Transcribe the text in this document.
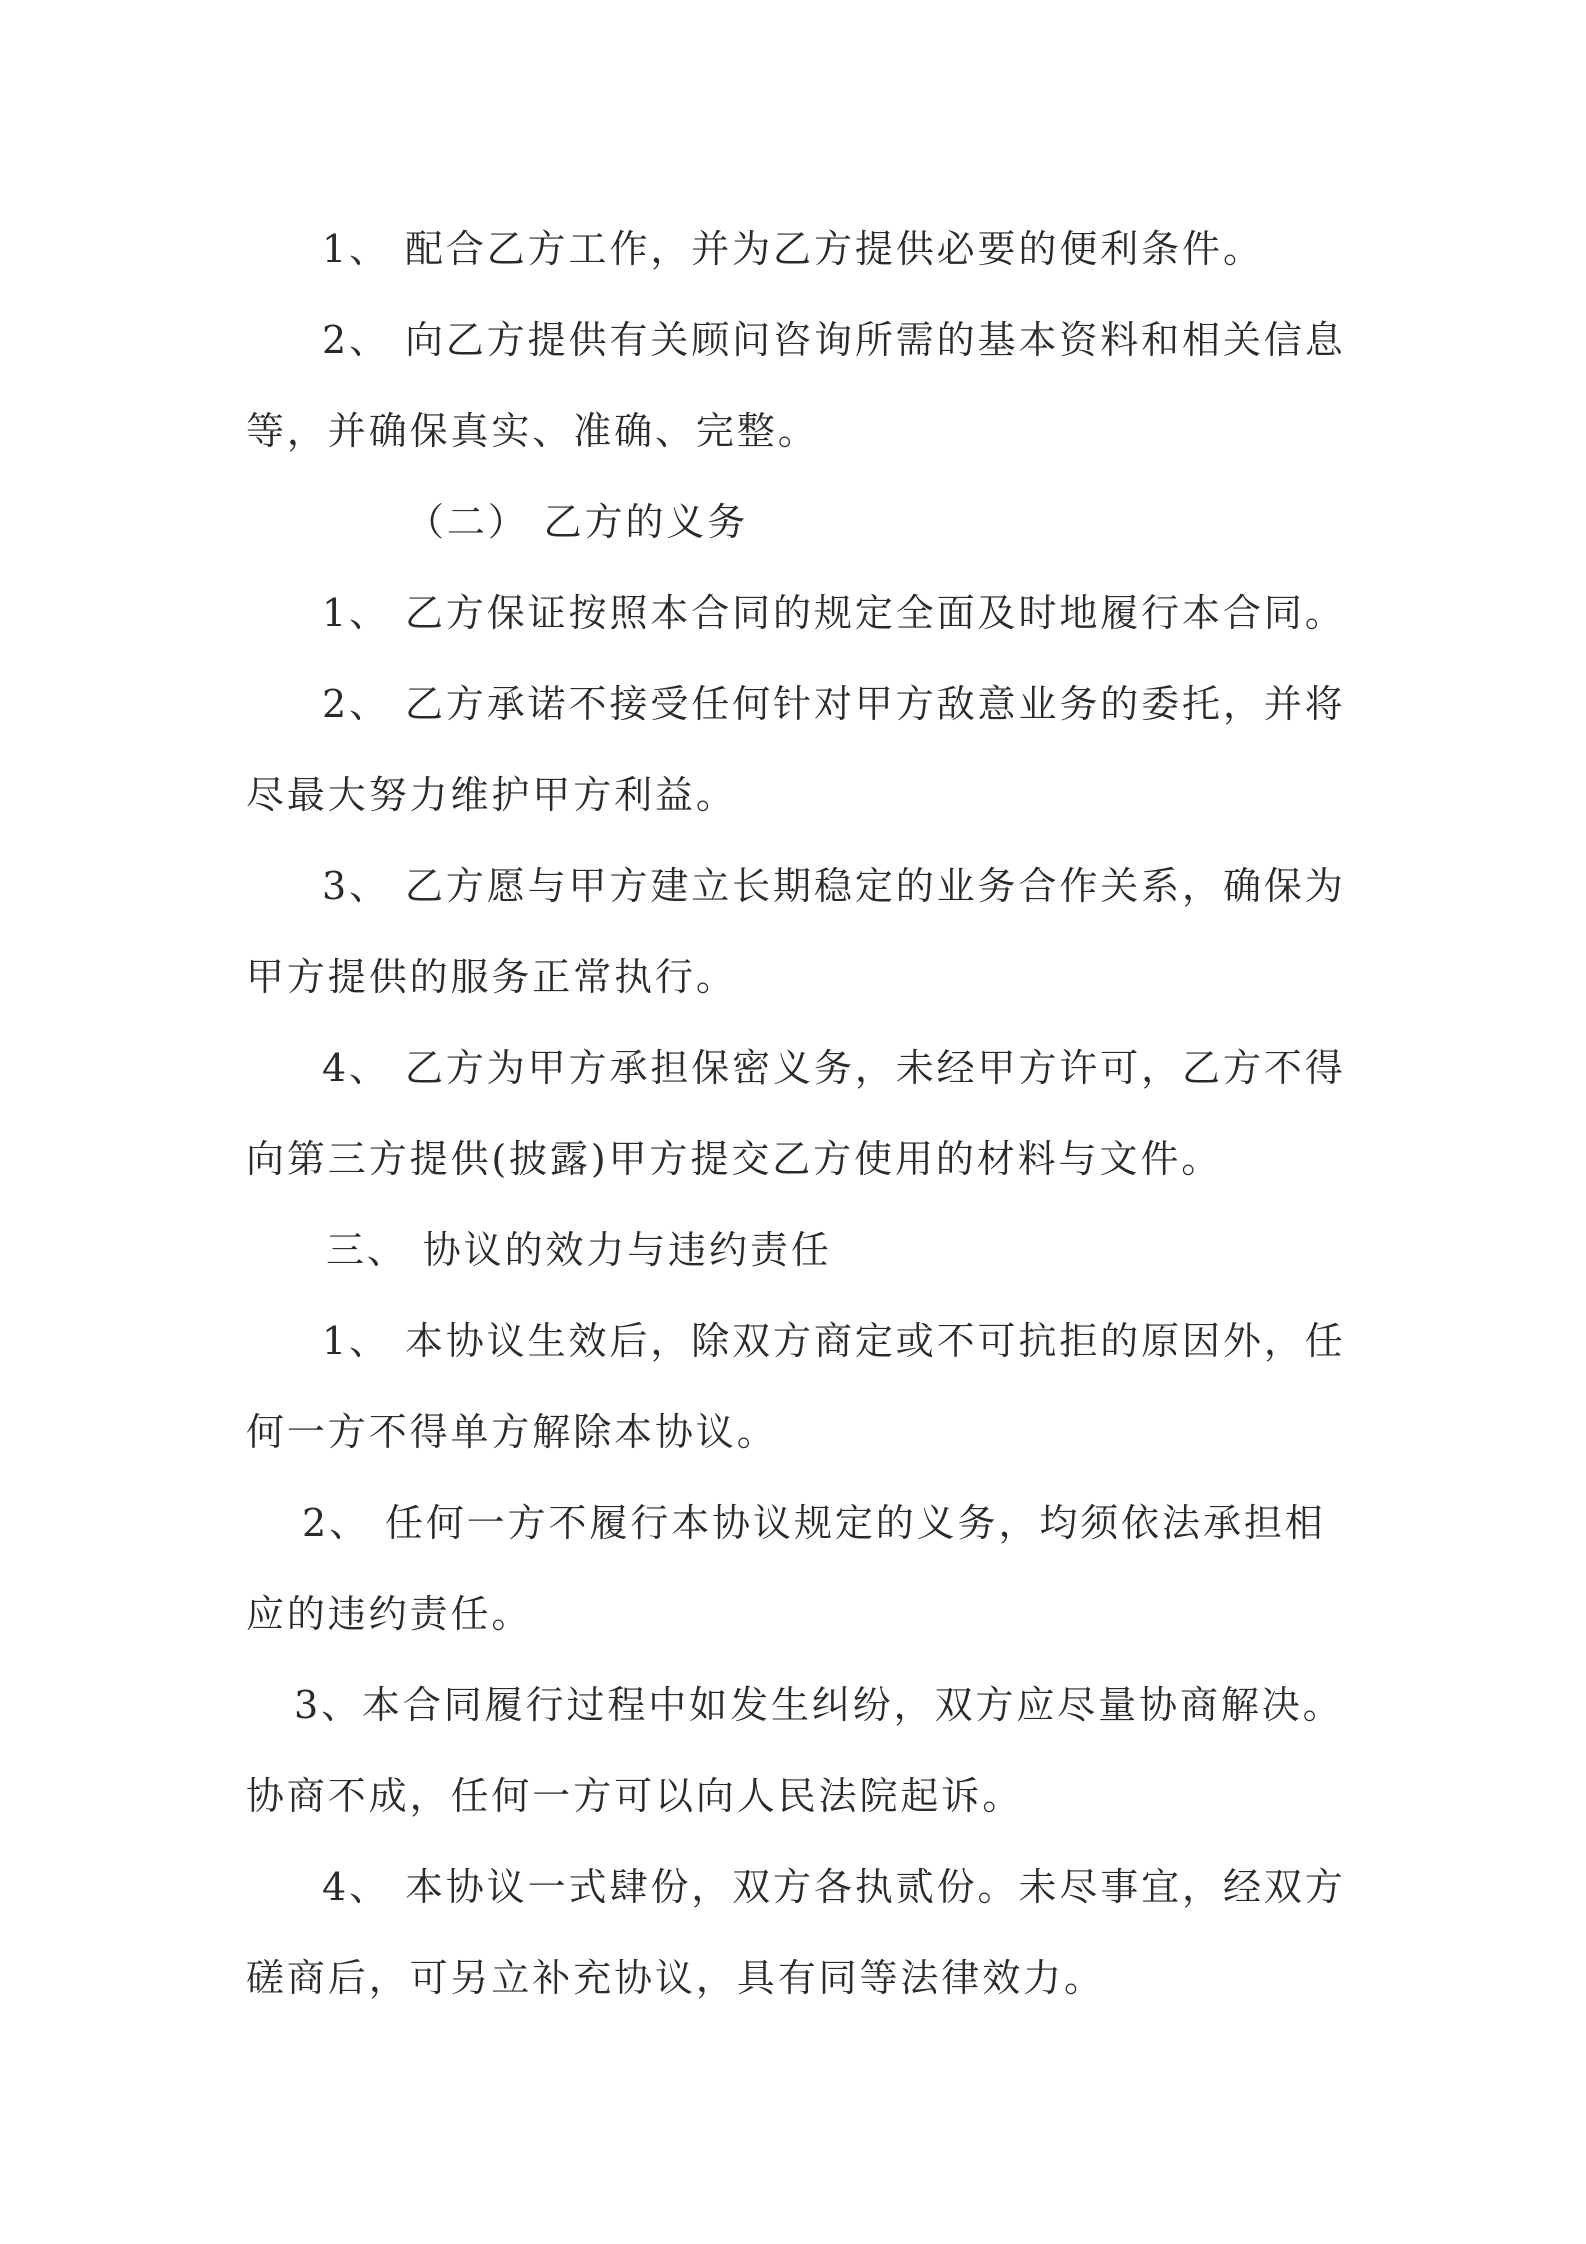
1、 配合乙方工作，并为乙方提供必要的便利条件。

2、 向乙方提供有关顾问咨询所需的基本资料和相关信息等，并确保真实、准确、完整。

（二） 乙方的义务

1、 乙方保证按照本合同的规定全面及时地履行本合同。

2、 乙方承诺不接受任何针对甲方敌意业务的委托，并将尽最大努力维护甲方利益。

3、 乙方愿与甲方建立长期稳定的业务合作关系，确保为甲方提供的服务正常执行。

4、 乙方为甲方承担保密义务，未经甲方许可，乙方不得向第三方提供(披露)甲方提交乙方使用的材料与文件。

三、 协议的效力与违约责任

1、 本协议生效后，除双方商定或不可抗拒的原因外，任何一方不得单方解除本协议。

2、 任何一方不履行本协议规定的义务，均须依法承担相应的违约责任。

3、本合同履行过程中如发生纠纷，双方应尽量协商解决。协商不成，任何一方可以向人民法院起诉。

4、 本协议一式肆份，双方各执贰份。未尽事宜，经双方磋商后，可另立补充协议，具有同等法律效力。
